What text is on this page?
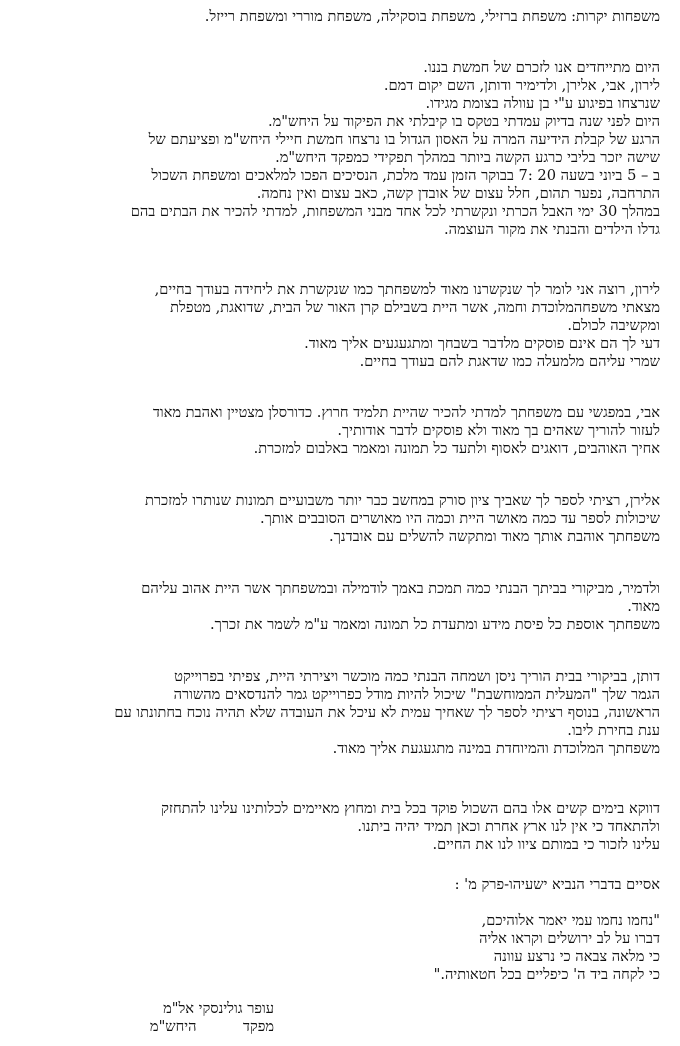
משפחות יקרות: משפחת ברזילי, משפחת בוסקילה, משפחת מוררי ומשפחת רייזל.
היום מתייחדים אנו לזכרם של חמשת בננו.
לירון, אבי, אלירן, ולדימיר ודותן, השם יקום דמם.
שנרצחו בפיגוע ע"י בן עוולה בצומת מגידו.
היום לפני שנה בדיוק עמדתי בטקס בו קיבלתי את הפיקוד על היחש"מ.
הרגע של קבלת הידיעה המרה על האסון הגדול בו נרצחו חמשת חיילי היחש"מ ופציעתם של
שישה יזכר בליבי כרגע הקשה ביותר במהלך תפקידי כמפקד היחש"מ.
ב – 5 ביוני בשעה 20 :7 בבוקר הזמן עמד מלכת, הנסיכים הפכו למלאכים ומשפחת השכול
התרחבה, נפער תהום, חלל עצום של אובדן קשה, כאב עצום ואין נחמה.
במהלך 30 ימי האבל הכרתי ונקשרתי לכל אחד מבני המשפחות, למדתי להכיר את הבתים בהם
גדלו הילדים והבנתי את מקור העוצמה.
לירון, רוצה אני לומר לך שנקשרנו מאוד למשפחתך כמו שנקשרת את ליחידה בעודך בחיים,
מצאתי משפחהמלוכדת וחמה, אשר היית בשבילם קרן האור של הבית, שדואגת, מטפלת
ומקשיבה לכולם.
דעי לך הם אינם פוסקים מלדבר בשבחך ומתגעגעים אליך מאוד.
שמרי עליהם מלמעלה כמו שדאגת להם בעודך בחיים.
אבי, במפגשי עם משפחתך למדתי להכיר שהיית תלמיד חרוץ. כדורסלן מצטיין ואהבת מאוד
לעזור להוריך שאהים בך מאוד ולא פוסקים לדבר אודותיך.
אחיך האוהבים, דואגים לאסוף ולתעד כל תמונה ומאמר באלבום למזכרת.
אלירן, רציתי לספר לך שאביך ציון סורק במחשב כבר יותר משבועיים תמונות שנותרו למזכרת
שיכולות לספר עד כמה מאושר היית וכמה היו מאושרים הסובבים אותך.
משפחתך אוהבת אותך מאוד ומתקשה להשלים עם אובדנך.
ולדמיר, מביקורי בביתך הבנתי כמה תמכת באמך לודמילה ובמשפחתך אשר היית אהוב עליהם
מאוד.
משפחתך אוספת כל פיסת מידע ומתעדת כל תמונה ומאמר ע"מ לשמר את זכרך.
דותן, בביקורי בבית הוריך ניסן ושמחה הבנתי כמה מוכשר ויצירתי היית, צפיתי בפרוייקט
הגמר שלך "המעלית הממוחשבת" שיכול להיות מודל כפרוייקט גמר להנדסאים מהשורה
הראשונה, בנוסף רציתי לספר לך שאחיך עמית לא עיכל את העובדה שלא תהיה נוכח בחתונתו עם
ענת בחירת ליבו.
משפחתך המלוכדת והמיוחדת במינה מתגעגעת אליך מאוד.
דווקא בימים קשים אלו בהם השכול פוקד בכל בית ומחוץ מאיימים לכלותינו עלינו להתחזק
ולהתאחד כי אין לנו ארץ אחרת וכאן תמיד יהיה ביתנו.
עלינו לזכור כי במותם ציוו לנו את החיים.
אסיים בדברי הנביא ישעיהו-פרק מ' :
"נחמו נחמו עמי יאמר אלוהיכם,
דברו על לב ירושלים וקראו אליה
כי מלאה צבאה כי נרצע עוונה
כי לקחה ביד ה' כיפליים בכל חטאותיה."
עופר גולינסקי אל"מ
מפקד          היחש"מ
